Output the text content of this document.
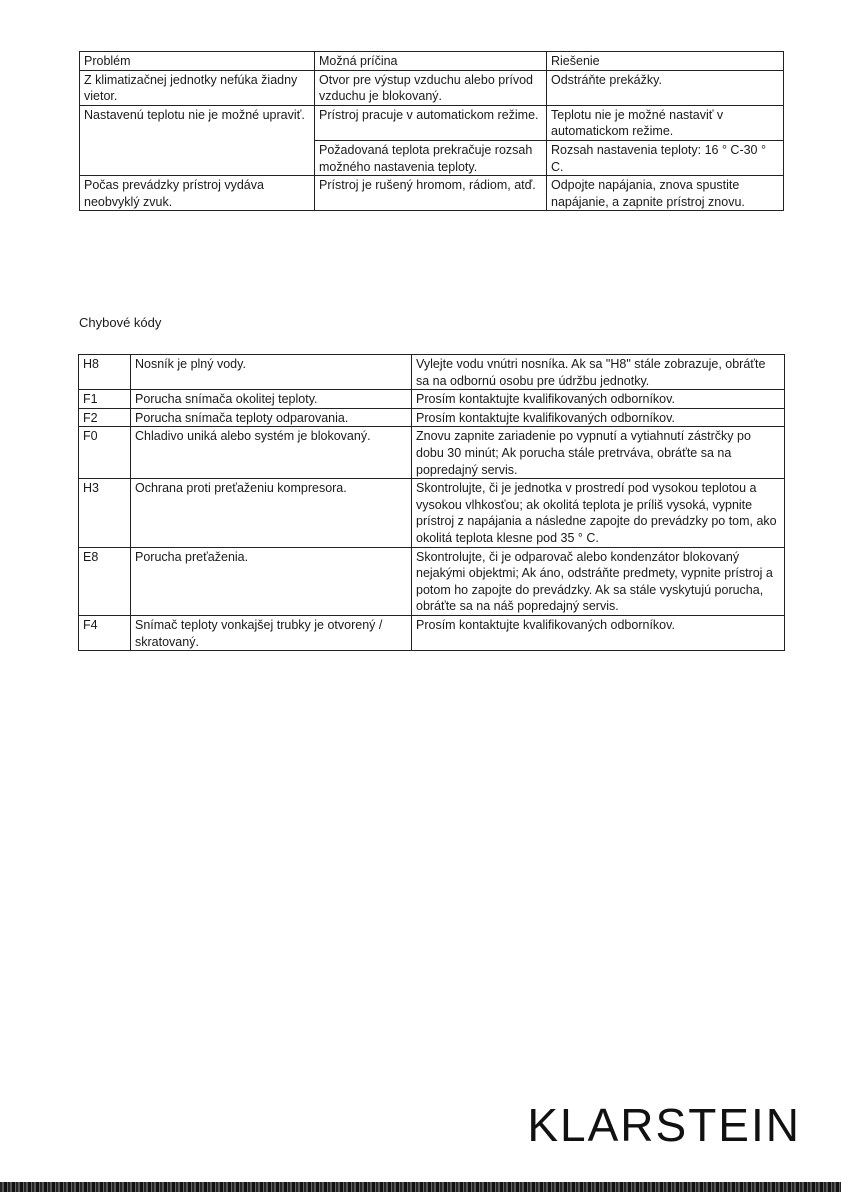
Problém	Možná príčina	Riešenie
Z klimatizačnej jednotky nefúka žiadny vietor.	Otvor pre výstup vzduchu alebo prívod vzduchu je blokovaný.	Odstráňte prekážky.
Nastavenú teplotu nie je možné upraviť.	Prístroj pracuje v automatickom režime.	Teplotu nie je možné nastaviť v automatickom režime.
	Požadovaná teplota prekračuje rozsah možného nastavenia teploty.	Rozsah nastavenia teploty: 16 ° C-30 ° C.
Počas prevádzky prístroj vydáva neobvyklý zvuk.	Prístroj je rušený hromom, rádiom, atď.	Odpojte napájania, znova spustite napájanie, a zapnite prístroj znovu.
Chybové kódy
H8	Nosník je plný vody.	Vylejte vodu vnútri nosníka. Ak sa "H8" stále zobrazuje, obráťte sa na odbornú osobu pre údržbu jednotky.
F1	Porucha snímača okolitej teploty.	Prosím kontaktujte kvalifikovaných odborníkov.
F2	Porucha snímača teploty odparovania.	Prosím kontaktujte kvalifikovaných odborníkov.
F0	Chladivo uniká alebo systém je blokovaný.	Znovu zapnite zariadenie po vypnutí a vytiahnutí zástrčky po dobu 30 minút; Ak porucha stále pretrváva, obráťte sa na popredajný servis.
H3	Ochrana proti preťaženiu kompresora.	Skontrolujte, či je jednotka v prostredí pod vysokou teplotou a vysokou vlhkosťou; ak okolitá teplota je príliš vysoká, vypnite prístroj z napájania a následne zapojte do prevádzky po tom, ako okolitá teplota klesne pod 35 ° C.
E8	Porucha preťaženia.	Skontrolujte, či je odparovač alebo kondenzátor blokovaný nejakými objektmi; Ak áno, odstráňte predmety, vypnite prístroj a potom ho zapojte do prevádzky. Ak sa stále vyskytujú porucha, obráťte sa na náš popredajný servis.
F4	Snímač teploty vonkajšej trubky je otvorený / skratovaný.	Prosím kontaktujte kvalifikovaných odborníkov.
KLARSTEIN
